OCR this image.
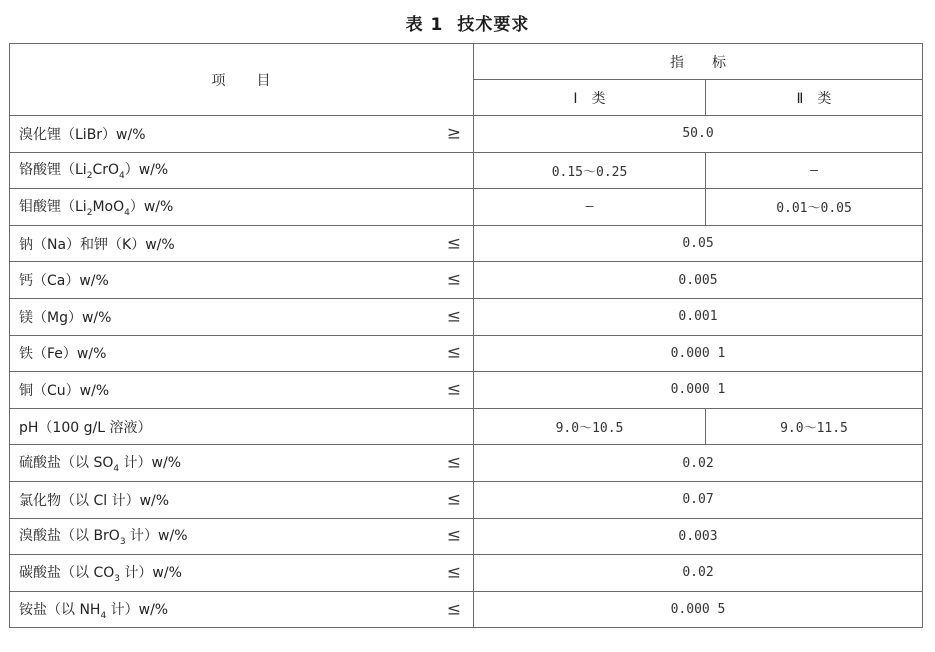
表 1 技术要求
项　　目	指　　标	
	Ⅰ　类	Ⅱ　类
溴化锂（LiBr）w/% ≥	50.0	
铬酸锂$(Li_2CrO_4)w/\%$	0.15～0.25	—
钼酸锂$(Li_2MoO_4)w/\%$	—	0.01～0.05
钠（Na）和钾（K）w/% ≤	0.05	
钙（Ca）w/% ≤	0.005	
镁（Mg）w/% ≤	0.001	
铁（Fe）w/% ≤	0.000 1	
铜（Cu）w/% ≤	0.000 1	
pH（100 g/L 溶液）	9.0～10.5	9.0～11.5
硫酸盐（以 $SO_4$ 计）w/% ≤	0.02	
氯化物（以 Cl 计）w/% ≤	0.07	
溴酸盐（以 BrO$_3$ 计）w/% ≤	0.003	
碳酸盐（以 $CO_3$ 计）w/% ≤	0.02	
铵盐（以 $NH_4$ 计）w/% ≤	0.000 5	
